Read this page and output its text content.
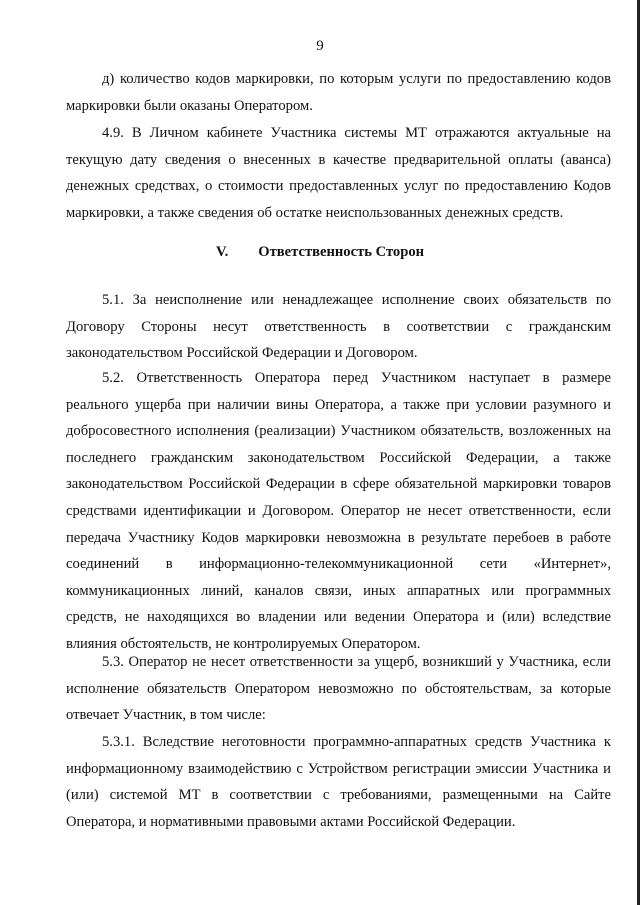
9

д) количество кодов маркировки, по которым услуги по предоставлению кодов маркировки были оказаны Оператором.

4.9. В Личном кабинете Участника системы МТ отражаются актуальные на текущую дату сведения о внесенных в качестве предварительной оплаты (аванса) денежных средствах, о стоимости предоставленных услуг по предоставлению Кодов маркировки, а также сведения об остатке неиспользованных денежных средств.

V. Ответственность Сторон

5.1. За неисполнение или ненадлежащее исполнение своих обязательств по Договору Стороны несут ответственность в соответствии с гражданским законодательством Российской Федерации и Договором.

5.2. Ответственность Оператора перед Участником наступает в размере реального ущерба при наличии вины Оператора, а также при условии разумного и добросовестного исполнения (реализации) Участником обязательств, возложенных на последнего гражданским законодательством Российской Федерации, а также законодательством Российской Федерации в сфере обязательной маркировки товаров средствами идентификации и Договором. Оператор не несет ответственности, если передача Участнику Кодов маркировки невозможна в результате перебоев в работе соединений в информационно-телекоммуникационной сети «Интернет», коммуникационных линий, каналов связи, иных аппаратных или программных средств, не находящихся во владении или ведении Оператора и (или) вследствие влияния обстоятельств, не контролируемых Оператором.

5.3. Оператор не несет ответственности за ущерб, возникший у Участника, если исполнение обязательств Оператором невозможно по обстоятельствам, за которые отвечает Участник, в том числе:

5.3.1. Вследствие неготовности программно-аппаратных средств Участника к информационному взаимодействию с Устройством регистрации эмиссии Участника и (или) системой МТ в соответствии с требованиями, размещенными на Сайте Оператора, и нормативными правовыми актами Российской Федерации.
